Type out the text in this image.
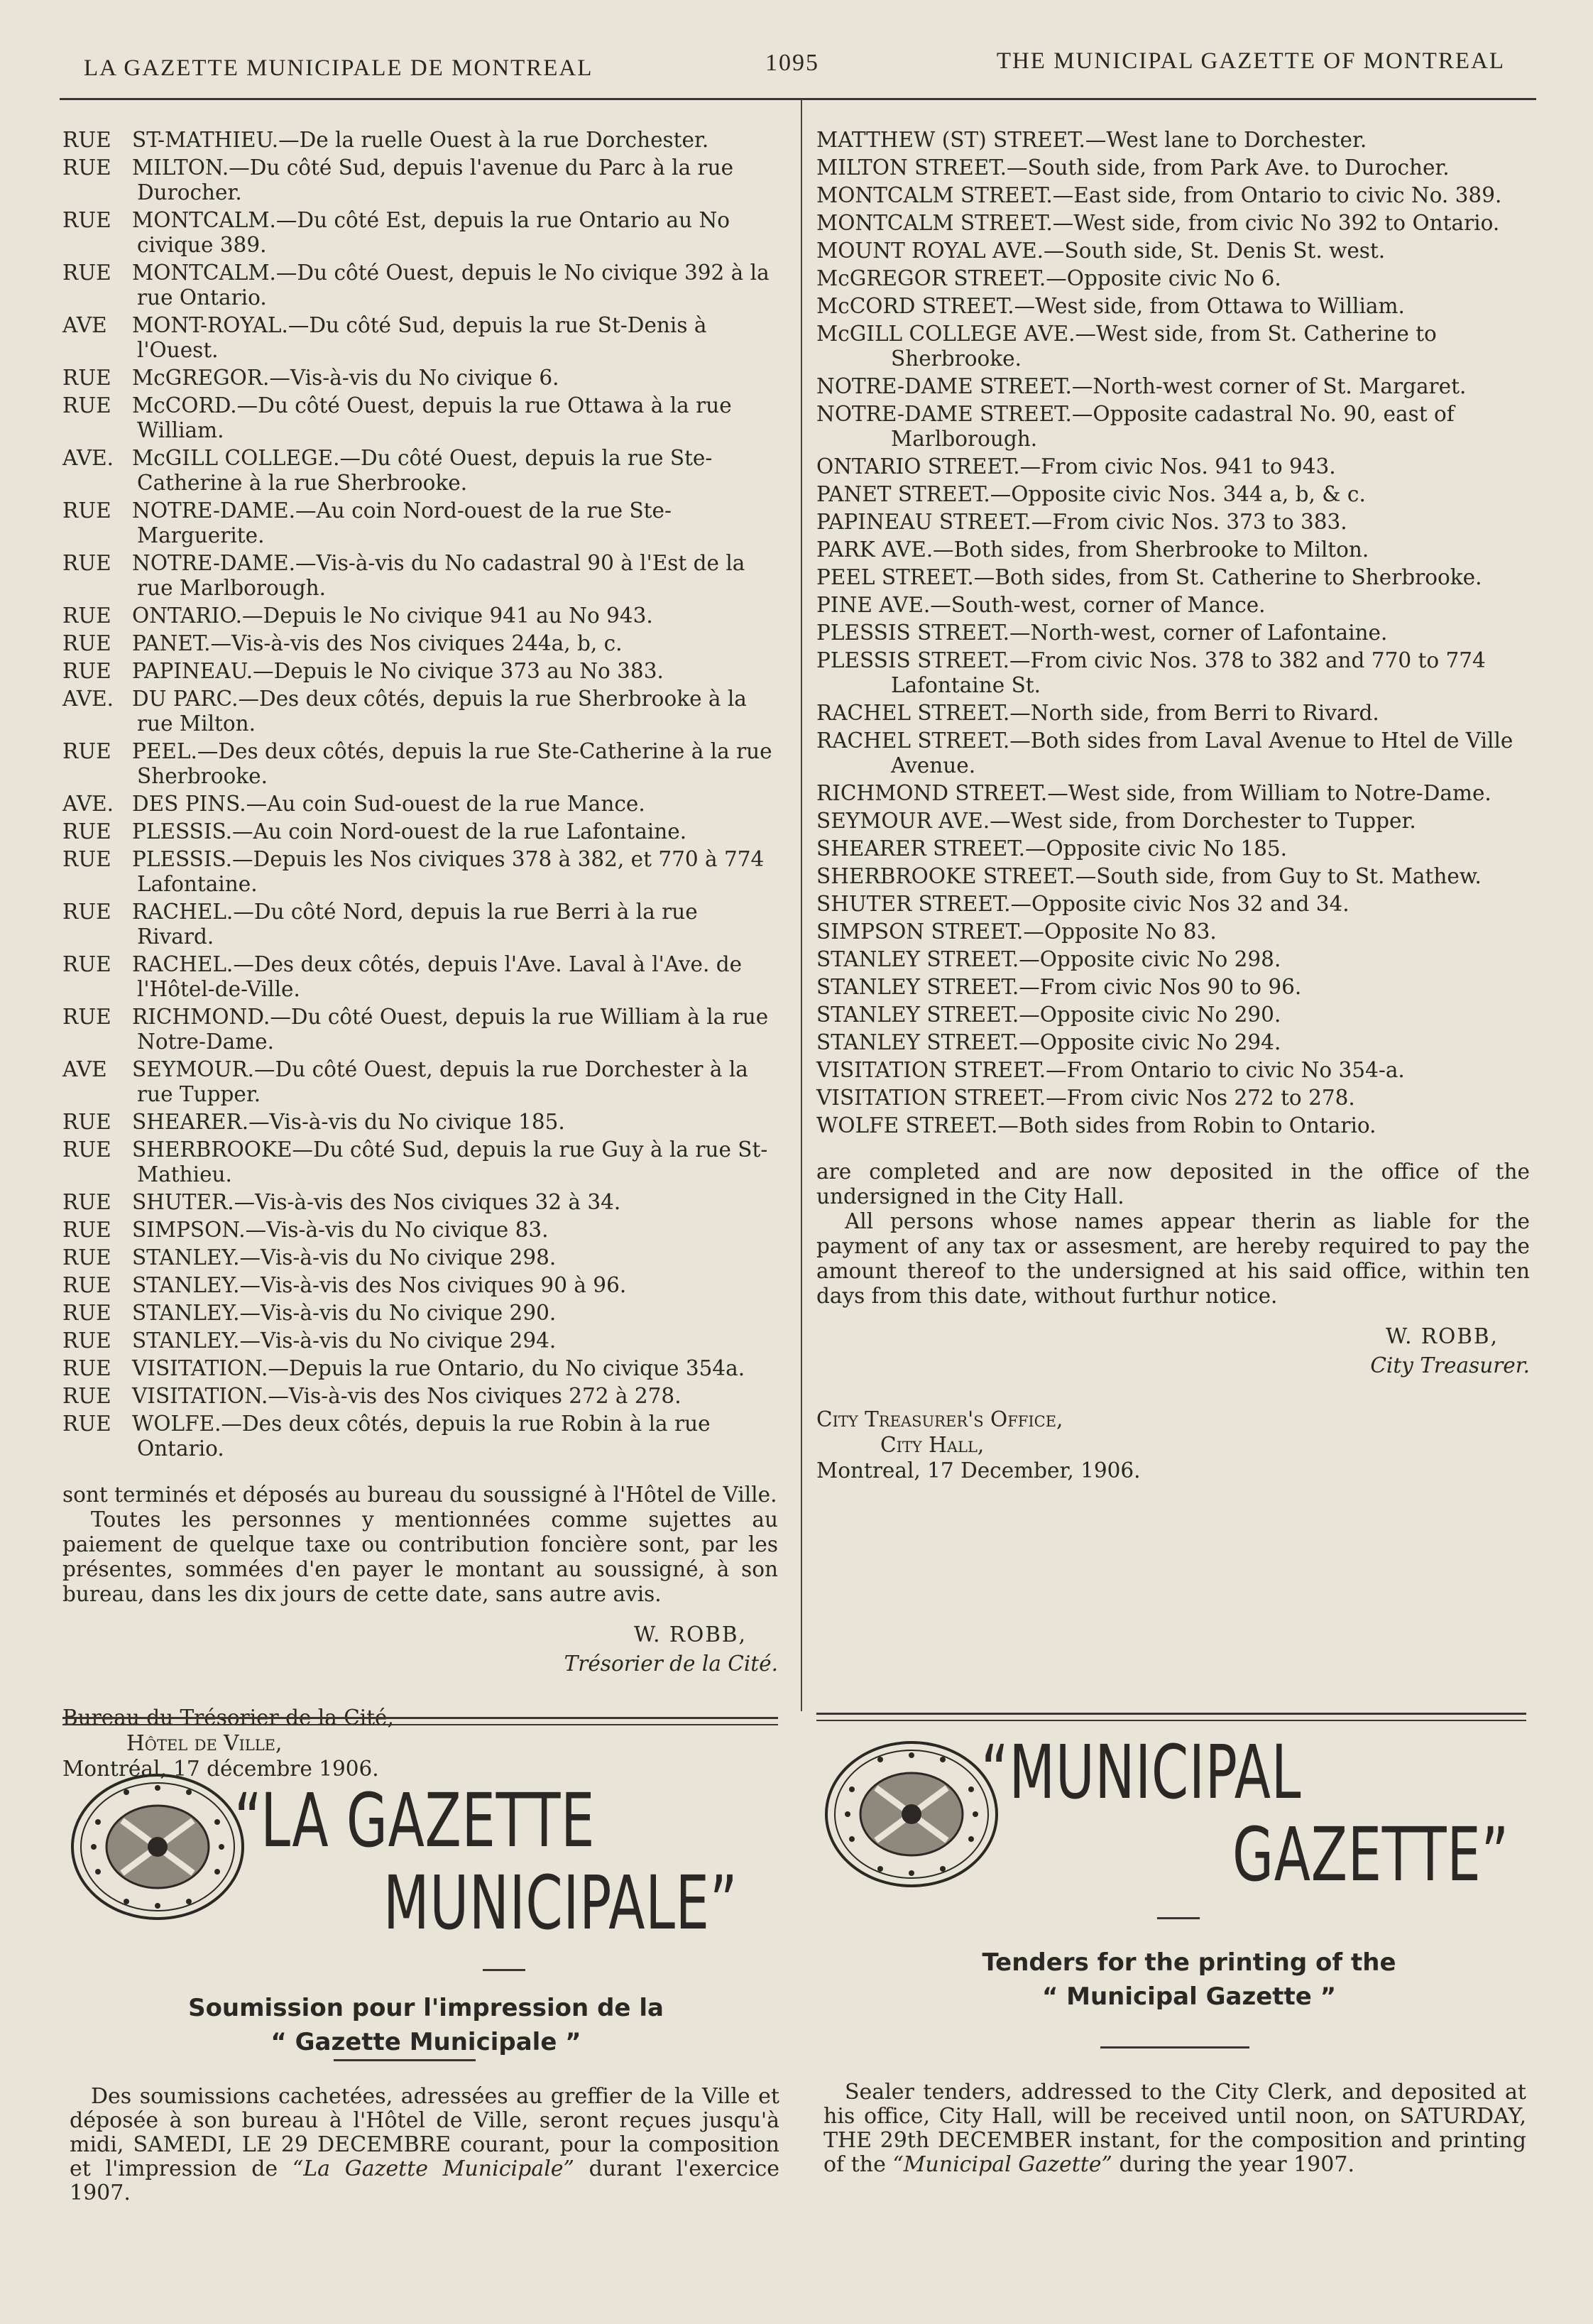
LA GAZETTE MUNICIPALE DE MONTREAL	1095	THE MUNICIPAL GAZETTE OF MONTREAL
RUE ST-MATHIEU.—De la ruelle Ouest à la rue Dorchester.
RUE MILTON.—Du côté Sud, depuis l'avenue du Parc à la rue Durocher.
RUE MONTCALM.—Du côté Est, depuis la rue Ontario au No civique 389.
RUE MONTCALM.—Du côté Ouest, depuis le No civique 392 à la rue Ontario.
AVE MONT-ROYAL.—Du côté Sud, depuis la rue St-Denis à l'Ouest.
RUE McGREGOR.—Vis-à-vis du No civique 6.
RUE McCORD.—Du côté Ouest, depuis la rue Ottawa à la rue William.
AVE. McGILL COLLEGE.—Du côté Ouest, depuis la rue Ste-Catherine à la rue Sherbrooke.
RUE NOTRE-DAME.—Au coin Nord-ouest de la rue Ste-Marguerite.
RUE NOTRE-DAME.—Vis-à-vis du No cadastral 90 à l'Est de la rue Marlborough.
RUE ONTARIO.—Depuis le No civique 941 au No 943.
RUE PANET.—Vis-à-vis des Nos civiques 244a, b, c.
RUE PAPINEAU.—Depuis le No civique 373 au No 383.
AVE. DU PARC.—Des deux côtés, depuis la rue Sherbrooke à la rue Milton.
RUE PEEL.—Des deux côtés, depuis la rue Ste-Catherine à la rue Sherbrooke.
AVE. DES PINS.—Au coin Sud-ouest de la rue Mance.
RUE PLESSIS.—Au coin Nord-ouest de la rue Lafontaine.
RUE PLESSIS.—Depuis les Nos civiques 378 à 382, et 770 à 774 Lafontaine.
RUE RACHEL.—Du côté Nord, depuis la rue Berri à la rue Rivard.
RUE RACHEL.—Des deux côtés, depuis l'Ave. Laval à l'Ave. de l'Hôtel-de-Ville.
RUE RICHMOND.—Du côté Ouest, depuis la rue William à la rue Notre-Dame.
AVE SEYMOUR.—Du côté Ouest, depuis la rue Dorchester à la rue Tupper.
RUE SHEARER.—Vis-à-vis du No civique 185.
RUE SHERBROOKE—Du côté Sud, depuis la rue Guy à la rue St-Mathieu.
RUE SHUTER.—Vis-à-vis des Nos civiques 32 à 34.
RUE SIMPSON.—Vis-à-vis du No civique 83.
RUE STANLEY.—Vis-à-vis du No civique 298.
RUE STANLEY.—Vis-à-vis des Nos civiques 90 à 96.
RUE STANLEY.—Vis-à-vis du No civique 290.
RUE STANLEY.—Vis-à-vis du No civique 294.
RUE VISITATION.—Depuis la rue Ontario, du No civique 354a.
RUE VISITATION.—Vis-à-vis des Nos civiques 272 à 278.
RUE WOLFE.—Des deux côtés, depuis la rue Robin à la rue Ontario.

sont terminés et déposés au bureau du soussigné à l'Hôtel de Ville.

Toutes les personnes y mentionnées comme sujettes au paiement de quelque taxe ou contribution foncière sont, par les présentes, sommées d'en payer le montant au soussigné, à son bureau, dans les dix jours de cette date, sans autre avis.

W. ROBB,
Trésorier de la Cité.
Bureau du Trésorier de la Cité,
Hôtel de Ville,
Montréal, 17 décembre 1906.
MATTHEW (ST) STREET.—West lane to Dorchester.
MILTON STREET.—South side, from Park Ave. to Durocher.
MONTCALM STREET.—East side, from Ontario to civic No. 389.
MONTCALM STREET.—West side, from civic No 392 to Ontario.
MOUNT ROYAL AVE.—South side, St. Denis St. west.
McGREGOR STREET.—Opposite civic No 6.
McCORD STREET.—West side, from Ottawa to William.
McGILL COLLEGE AVE.—West side, from St. Catherine to Sherbrooke.
NOTRE-DAME STREET.—North-west corner of St. Margaret.
NOTRE-DAME STREET.—Opposite cadastral No. 90, east of Marlborough.
ONTARIO STREET.—From civic Nos. 941 to 943.
PANET STREET.—Opposite civic Nos. 344 a, b, & c.
PAPINEAU STREET.—From civic Nos. 373 to 383.
PARK AVE.—Both sides, from Sherbrooke to Milton.
PEEL STREET.—Both sides, from St. Catherine to Sherbrooke.
PINE AVE.—South-west, corner of Mance.
PLESSIS STREET.—North-west, corner of Lafontaine.
PLESSIS STREET.—From civic Nos. 378 to 382 and 770 to 774 Lafontaine St.
RACHEL STREET.—North side, from Berri to Rivard.
RACHEL STREET.—Both sides from Laval Avenue to Htel de Ville Avenue.
RICHMOND STREET.—West side, from William to Notre-Dame.
SEYMOUR AVE.—West side, from Dorchester to Tupper.
SHEARER STREET.—Opposite civic No 185.
SHERBROOKE STREET.—South side, from Guy to St. Mathew.
SHUTER STREET.—Opposite civic Nos 32 and 34.
SIMPSON STREET.—Opposite No 83.
STANLEY STREET.—Opposite civic No 298.
STANLEY STREET.—From civic Nos 90 to 96.
STANLEY STREET.—Opposite civic No 290.
STANLEY STREET.—Opposite civic No 294.
VISITATION STREET.—From Ontario to civic No 354-a.
VISITATION STREET.—From civic Nos 272 to 278.
WOLFE STREET.—Both sides from Robin to Ontario.

are completed and are now deposited in the office of the undersigned in the City Hall.

All persons whose names appear therin as liable for the payment of any tax or assesment, are hereby required to pay the amount thereof to the undersigned at his said office, within ten days from this date, without furthur notice.

W. ROBB,
City Treasurer.
City Treasurer's Office,
City Hall,
Montreal, 17 December, 1906.
“LA GAZETTE
MUNICIPALE”
Soumission pour l'impression de la
“ Gazette Municipale ”
Des soumissions cachetées, adressées au greffier de la Ville et déposée à son bureau à l'Hôtel de Ville, seront reçues jusqu'à midi, SAMEDI, LE 29 DECEMBRE courant, pour la composition et l'impression de “La Gazette Municipale” durant l'exercice 1907.
“MUNICIPAL
GAZETTE”
Tenders for the printing of the
“ Municipal Gazette ”
Sealer tenders, addressed to the City Clerk, and deposited at his office, City Hall, will be received until noon, on SATURDAY, THE 29th DECEMBER instant, for the composition and printing of the “Municipal Gazette” during the year 1907.
